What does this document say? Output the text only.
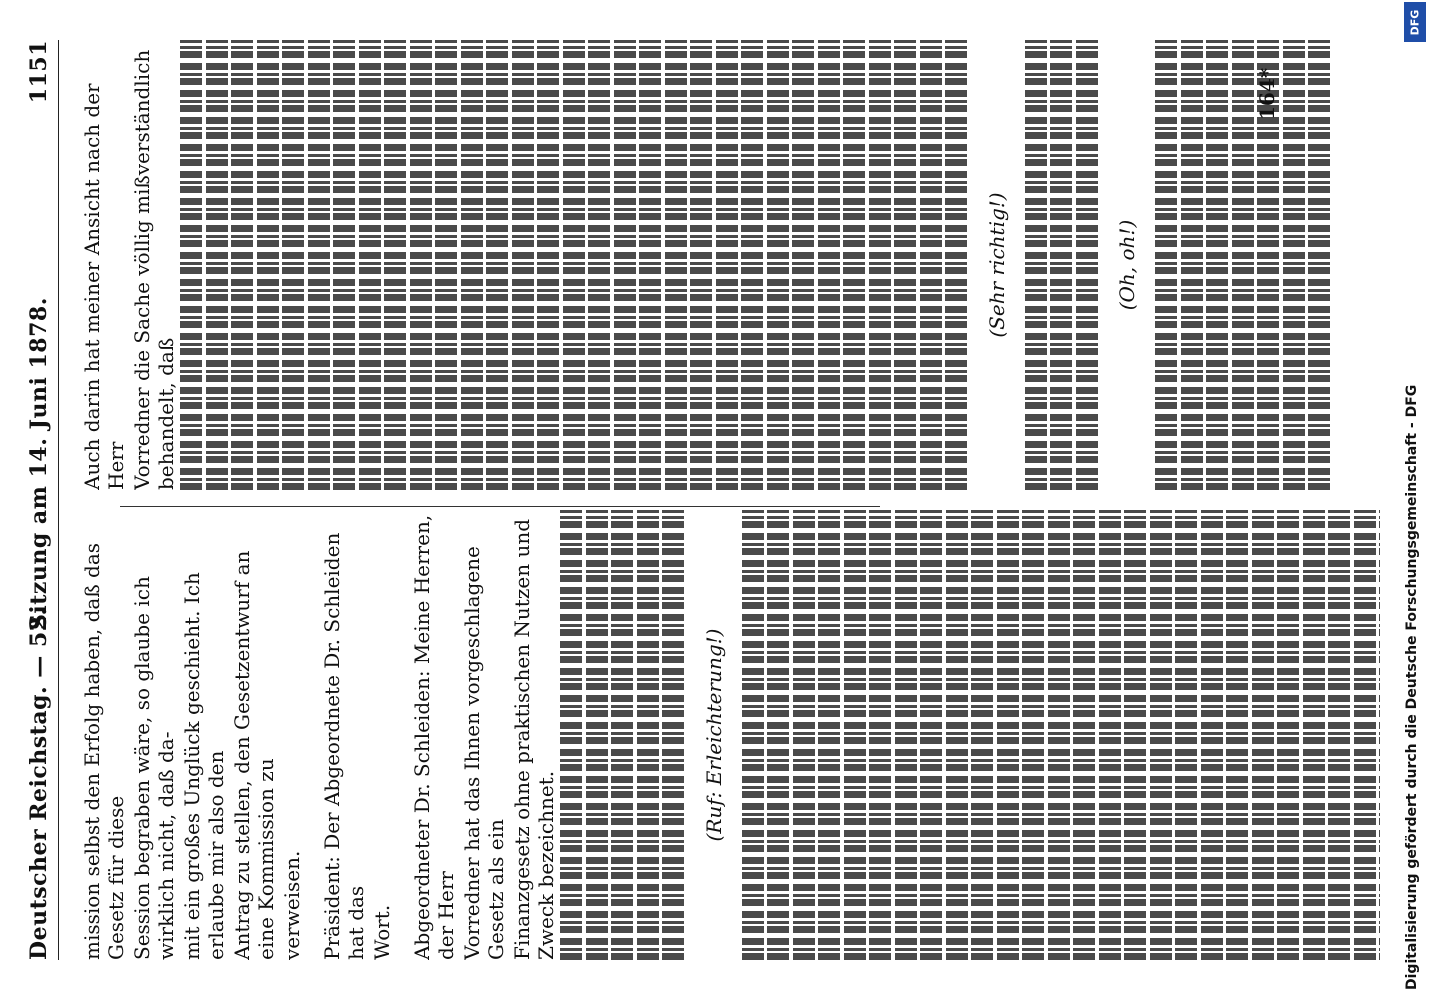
Deutscher Reichstag. — 52.
Sitzung am 14. Juni 1878.
1151
mission selbst den Erfolg haben, daß das Gesetz für diese Session begraben wäre, so glaube ich wirklich nicht, daß da- mit ein großes Unglück geschieht. Ich erlaube mir also den Antrag zu stellen, den Gesetzentwurf an eine Kommission zu verweisen. Präsident: Der Abgeordnete Dr. Schleiden hat das Wort. Abgeordneter Dr. Schleiden: Meine Herren, der Herr Vorredner hat das Ihnen vorgeschlagene Gesetz als ein Finanzgesetz ohne praktischen Nutzen und Zweck bezeichnet.
(Ruf: Erleichterung!)
Auch darin hat meiner Ansicht nach der Herr Vorredner die Sache völlig mißverständlich behandelt, daß
(Sehr richtig!)	(Oh, oh!)
164*
Digitalisierung gefördert durch die Deutsche Forschungsgemeinschaft - DFG
DFG
